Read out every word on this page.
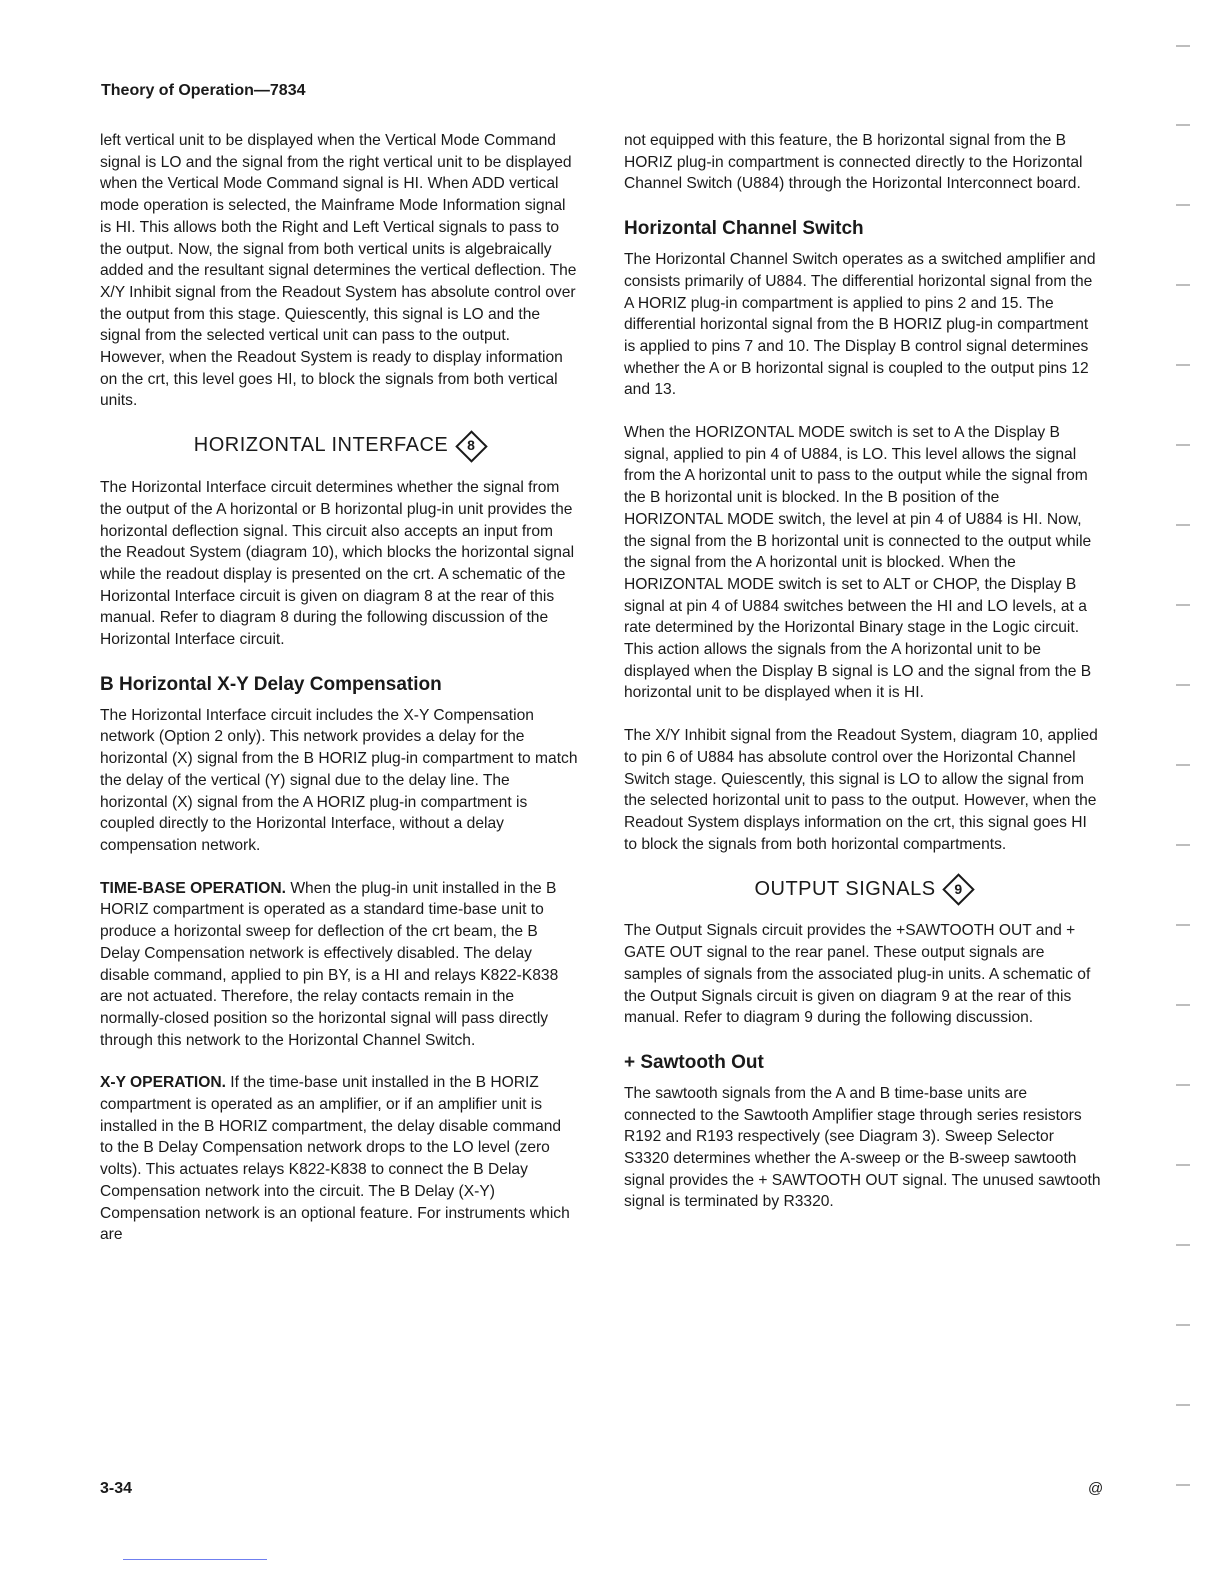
Theory of Operation—7834

left vertical unit to be displayed when the Vertical Mode Command signal is LO and the signal from the right vertical unit to be displayed when the Vertical Mode Command signal is HI. When ADD vertical mode operation is selected, the Mainframe Mode Information signal is HI. This allows both the Right and Left Vertical signals to pass to the output. Now, the signal from both vertical units is algebraically added and the resultant signal determines the vertical deflection. The X/Y Inhibit signal from the Readout System has absolute control over the output from this stage. Quiescently, this signal is LO and the signal from the selected vertical unit can pass to the output. However, when the Readout System is ready to display information on the crt, this level goes HI, to block the signals from both vertical units.

HORIZONTAL INTERFACE 8

The Horizontal Interface circuit determines whether the signal from the output of the A horizontal or B horizontal plug-in unit provides the horizontal deflection signal. This circuit also accepts an input from the Readout System (diagram 10), which blocks the horizontal signal while the readout display is presented on the crt. A schematic of the Horizontal Interface circuit is given on diagram 8 at the rear of this manual. Refer to diagram 8 during the following discussion of the Horizontal Interface circuit.

B Horizontal X-Y Delay Compensation

The Horizontal Interface circuit includes the X-Y Compensation network (Option 2 only). This network provides a delay for the horizontal (X) signal from the B HORIZ plug-in compartment to match the delay of the vertical (Y) signal due to the delay line. The horizontal (X) signal from the A HORIZ plug-in compartment is coupled directly to the Horizontal Interface, without a delay compensation network.

TIME-BASE OPERATION. When the plug-in unit installed in the B HORIZ compartment is operated as a standard time-base unit to produce a horizontal sweep for deflection of the crt beam, the B Delay Compensation network is effectively disabled. The delay disable command, applied to pin BY, is a HI and relays K822-K838 are not actuated. Therefore, the relay contacts remain in the normally-closed position so the horizontal signal will pass directly through this network to the Horizontal Channel Switch.

X-Y OPERATION. If the time-base unit installed in the B HORIZ compartment is operated as an amplifier, or if an amplifier unit is installed in the B HORIZ compartment, the delay disable command to the B Delay Compensation network drops to the LO level (zero volts). This actuates relays K822-K838 to connect the B Delay Compensation network into the circuit. The B Delay (X-Y) Compensation network is an optional feature. For instruments which are

not equipped with this feature, the B horizontal signal from the B HORIZ plug-in compartment is connected directly to the Horizontal Channel Switch (U884) through the Horizontal Interconnect board.

Horizontal Channel Switch

The Horizontal Channel Switch operates as a switched amplifier and consists primarily of U884. The differential horizontal signal from the A HORIZ plug-in compartment is applied to pins 2 and 15. The differential horizontal signal from the B HORIZ plug-in compartment is applied to pins 7 and 10. The Display B control signal determines whether the A or B horizontal signal is coupled to the output pins 12 and 13.

When the HORIZONTAL MODE switch is set to A the Display B signal, applied to pin 4 of U884, is LO. This level allows the signal from the A horizontal unit to pass to the output while the signal from the B horizontal unit is blocked. In the B position of the HORIZONTAL MODE switch, the level at pin 4 of U884 is HI. Now, the signal from the B horizontal unit is connected to the output while the signal from the A horizontal unit is blocked. When the HORIZONTAL MODE switch is set to ALT or CHOP, the Display B signal at pin 4 of U884 switches between the HI and LO levels, at a rate determined by the Horizontal Binary stage in the Logic circuit. This action allows the signals from the A horizontal unit to be displayed when the Display B signal is LO and the signal from the B horizontal unit to be displayed when it is HI.

The X/Y Inhibit signal from the Readout System, diagram 10, applied to pin 6 of U884 has absolute control over the Horizontal Channel Switch stage. Quiescently, this signal is LO to allow the signal from the selected horizontal unit to pass to the output. However, when the Readout System displays information on the crt, this signal goes HI to block the signals from both horizontal compartments.

OUTPUT SIGNALS 9

The Output Signals circuit provides the +SAWTOOTH OUT and + GATE OUT signal to the rear panel. These output signals are samples of signals from the associated plug-in units. A schematic of the Output Signals circuit is given on diagram 9 at the rear of this manual. Refer to diagram 9 during the following discussion.

+ Sawtooth Out

The sawtooth signals from the A and B time-base units are connected to the Sawtooth Amplifier stage through series resistors R192 and R193 respectively (see Diagram 3). Sweep Selector S3320 determines whether the A-sweep or the B-sweep sawtooth signal provides the + SAWTOOTH OUT signal. The unused sawtooth signal is terminated by R3320.

3-34	@
